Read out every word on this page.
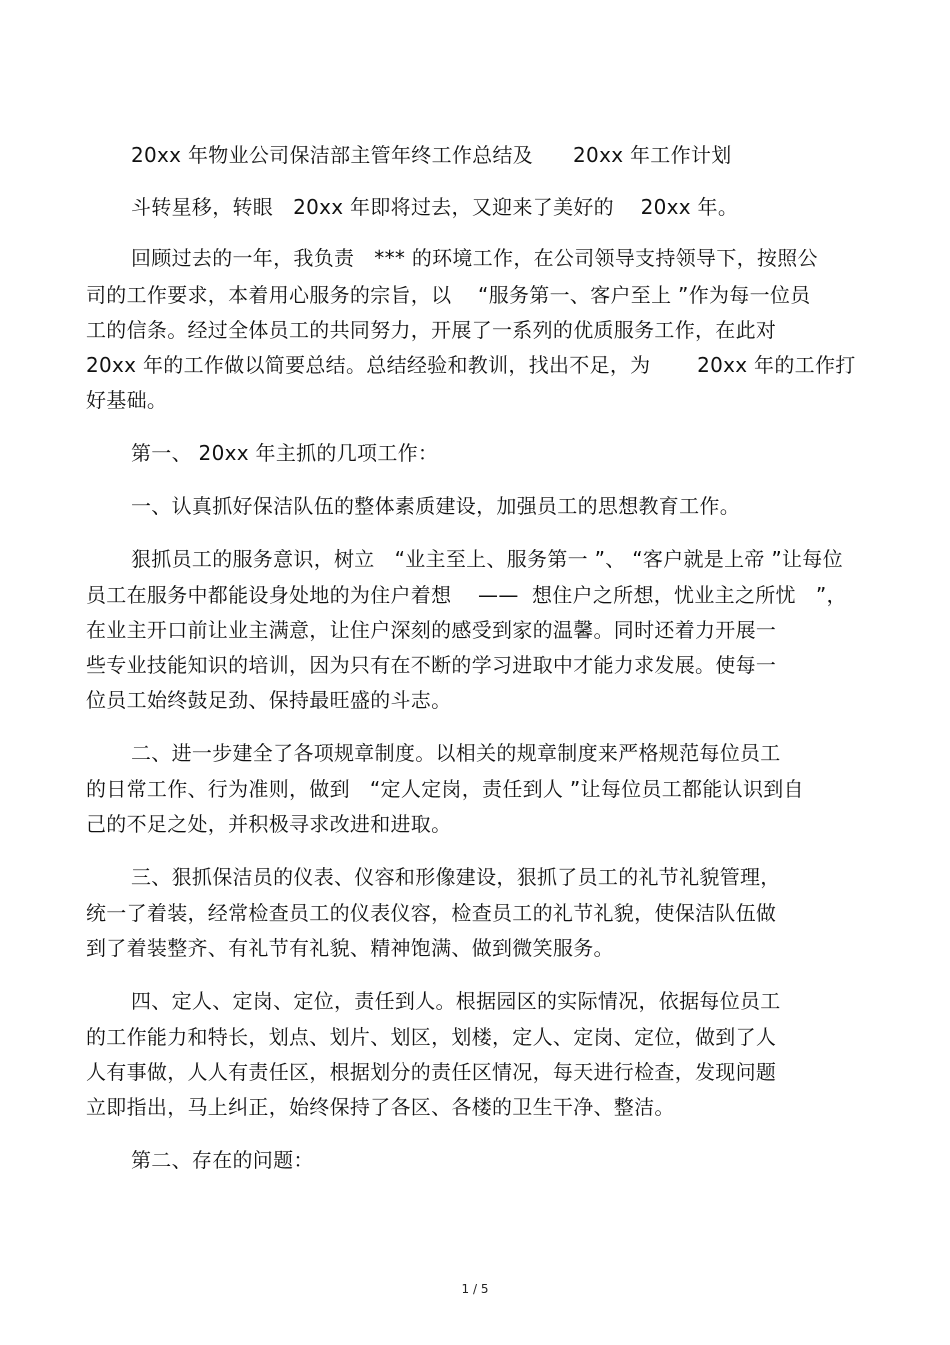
20xx 年物业公司保洁部主管年终工作总结及      20xx 年工作计划
斗转星移，转眼   20xx 年即将过去，又迎来了美好的    20xx 年。
回顾过去的一年，我负责   *** 的环境工作，在公司领导支持领导下，按照公
司的工作要求，本着用心服务的宗旨，以    “服务第一、客户至上 ”作为每一位员
工的信条。经过全体员工的共同努力，开展了一系列的优质服务工作，在此对
20xx 年的工作做以简要总结。总结经验和教训，找出不足，为       20xx 年的工作打
好基础。
第一、 20xx 年主抓的几项工作：
一、认真抓好保洁队伍的整体素质建设，加强员工的思想教育工作。
狠抓员工的服务意识，树立   “业主至上、服务第一 ”、 “客户就是上帝 ”让每位
员工在服务中都能设身处地的为住户着想    ——  想住户之所想，忧业主之所忧   ”，
在业主开口前让业主满意，让住户深刻的感受到家的温馨。同时还着力开展一
些专业技能知识的培训，因为只有在不断的学习进取中才能力求发展。使每一
位员工始终鼓足劲、保持最旺盛的斗志。
二、进一步建全了各项规章制度。以相关的规章制度来严格规范每位员工
的日常工作、行为准则，做到   “定人定岗，责任到人 ”让每位员工都能认识到自
己的不足之处，并积极寻求改进和进取。
三、狠抓保洁员的仪表、仪容和形像建设，狠抓了员工的礼节礼貌管理，
统一了着装，经常检查员工的仪表仪容，检查员工的礼节礼貌，使保洁队伍做
到了着装整齐、有礼节有礼貌、精神饱满、做到微笑服务。
四、定人、定岗、定位，责任到人。根据园区的实际情况，依据每位员工
的工作能力和特长，划点、划片、划区，划楼，定人、定岗、定位，做到了人
人有事做，人人有责任区，根据划分的责任区情况，每天进行检查，发现问题
立即指出，马上纠正，始终保持了各区、各楼的卫生干净、整洁。
第二、存在的问题：
1 / 5
